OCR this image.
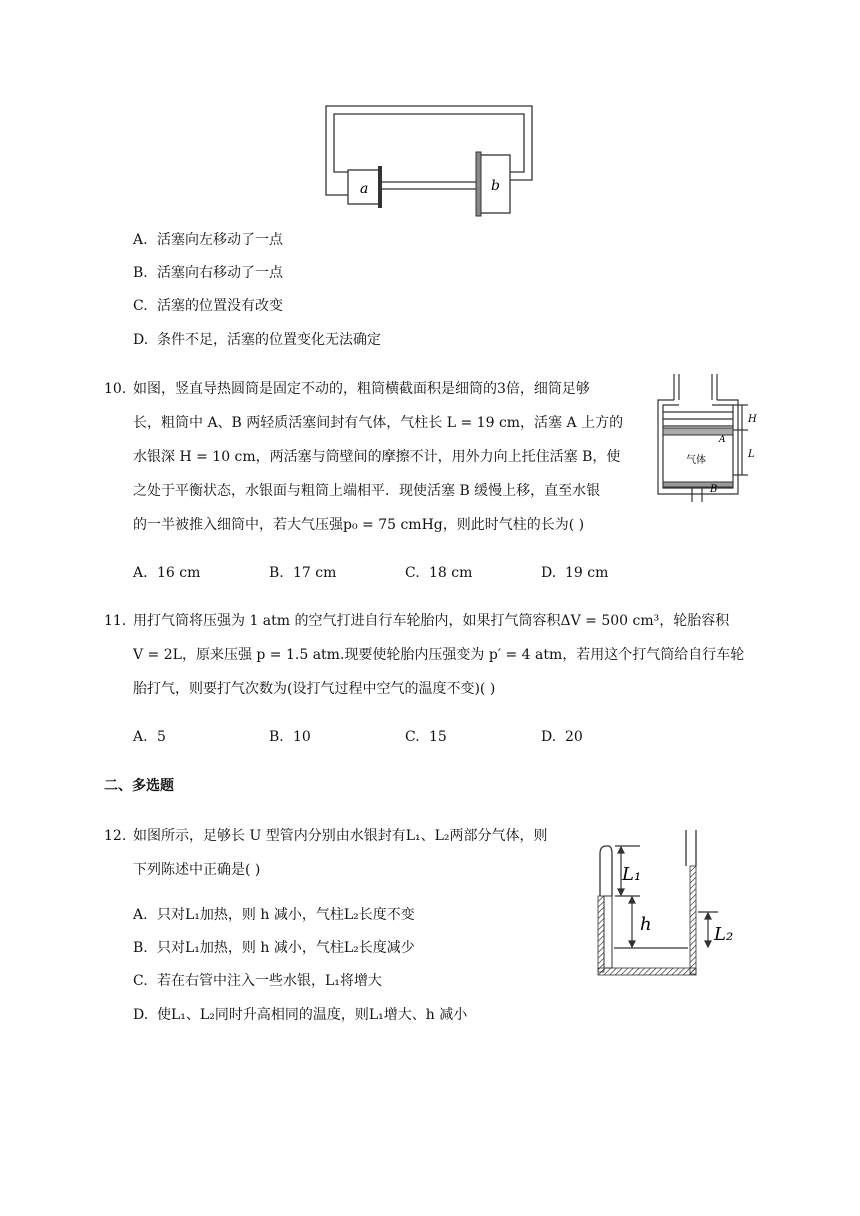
a	b
A. 活塞向左移动了一点
B. 活塞向右移动了一点
C. 活塞的位置没有改变
D. 条件不足，活塞的位置变化无法确定
10. 如图，竖直导热圆筒是固定不动的，粗筒横截面积是细筒的3倍，细筒足够
长，粗筒中 A、B 两轻质活塞间封有气体，气柱长 L = 19 cm，活塞 A 上方的
水银深 H = 10 cm，两活塞与筒壁间的摩擦不计，用外力向上托住活塞 B，使
之处于平衡状态，水银面与粗筒上端相平．现使活塞 B 缓慢上移，直至水银
的一半被推入细筒中，若大气压强p₀ = 75 cmHg，则此时气柱的长为( )
H
A
L
气体
B
A. 16 cm	B. 17 cm	C. 18 cm	D. 19 cm
11. 用打气筒将压强为 1 atm 的空气打进自行车轮胎内，如果打气筒容积ΔV = 500 cm³，轮胎容积
V = 2L，原来压强 p = 1.5 atm.现要使轮胎内压强变为 p′ = 4 atm，若用这个打气筒给自行车轮
胎打气，则要打气次数为(设打气过程中空气的温度不变)( )
A. 5	B. 10	C. 15	D. 20
二、多选题
12. 如图所示，足够长 U 型管内分别由水银封有L₁、L₂两部分气体，则
下列陈述中正确是( )
A. 只对L₁加热，则 h 减小，气柱L₂长度不变
B. 只对L₁加热，则 h 减小，气柱L₂长度减少
C. 若在右管中注入一些水银，L₁将增大
D. 使L₁、L₂同时升高相同的温度，则L₁增大、h 减小
L₁
h	L₂
